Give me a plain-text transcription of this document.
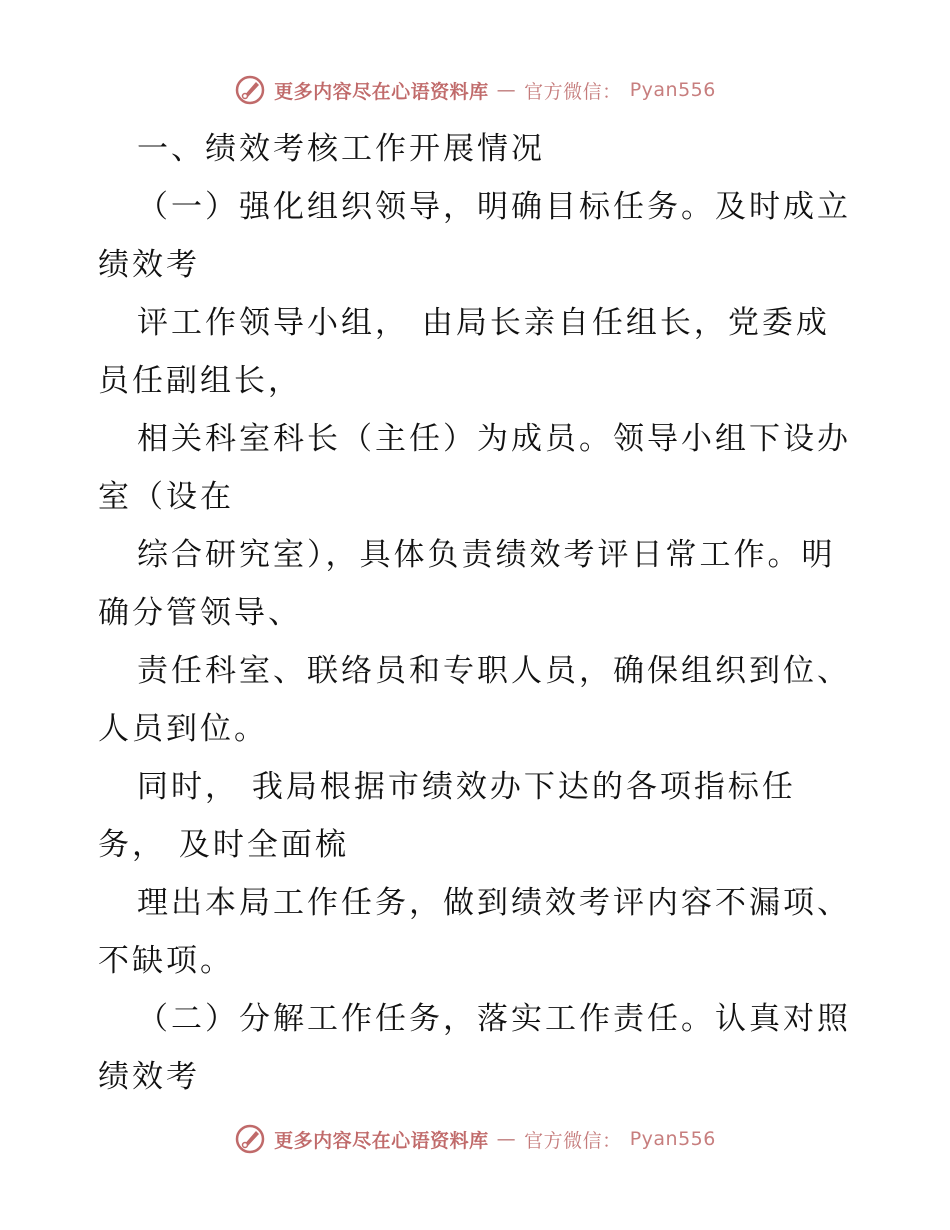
更多内容尽在心语资料库 — 官方微信： Pyan556
一、绩效考核工作开展情况
（一）强化组织领导，明确目标任务。及时成立
绩效考
评工作领导小组， 由局长亲自任组长，党委成
员任副组长，
相关科室科长（主任）为成员。领导小组下设办
室（设在
综合研究室），具体负责绩效考评日常工作。明
确分管领导、
责任科室、联络员和专职人员，确保组织到位、
人员到位。
同时， 我局根据市绩效办下达的各项指标任
务， 及时全面梳
理出本局工作任务，做到绩效考评内容不漏项、
不缺项。
（二）分解工作任务，落实工作责任。认真对照
绩效考
更多内容尽在心语资料库 — 官方微信： Pyan556
